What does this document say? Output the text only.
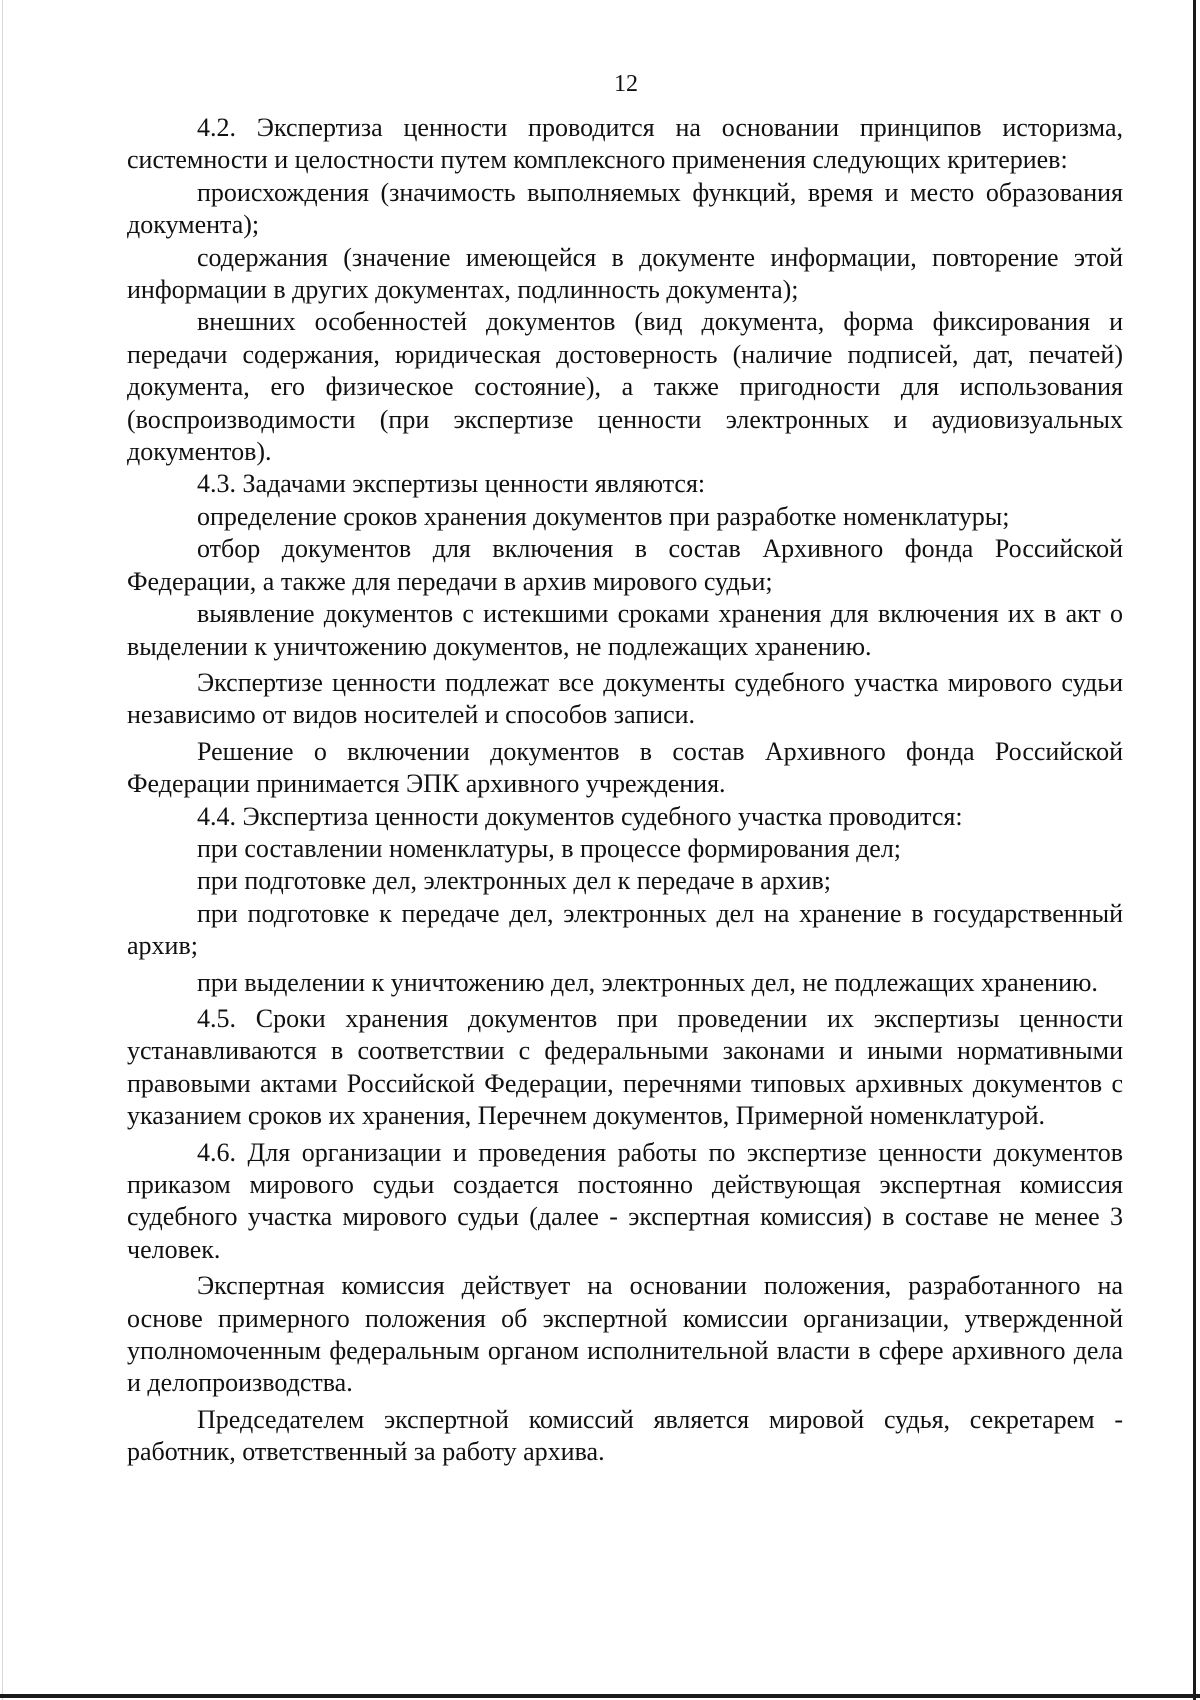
12

4.2. Экспертиза ценности проводится на основании принципов историзма, системности и целостности путем комплексного применения следующих критериев:

происхождения (значимость выполняемых функций, время и место образования документа);

содержания (значение имеющейся в документе информации, повторение этой информации в других документах, подлинность документа);

внешних особенностей документов (вид документа, форма фиксирования и передачи содержания, юридическая достоверность (наличие подписей, дат, печатей) документа, его физическое состояние), а также пригодности для использования (воспроизводимости (при экспертизе ценности электронных и аудиовизуальных документов).

4.3. Задачами экспертизы ценности являются:

определение сроков хранения документов при разработке номенклатуры;

отбор документов для включения в состав Архивного фонда Российской Федерации, а также для передачи в архив мирового судьи;

выявление документов с истекшими сроками хранения для включения их в акт о выделении к уничтожению документов, не подлежащих хранению.

Экспертизе ценности подлежат все документы судебного участка мирового судьи независимо от видов носителей и способов записи.

Решение о включении документов в состав Архивного фонда Российской Федерации принимается ЭПК архивного учреждения.

4.4. Экспертиза ценности документов судебного участка проводится:

при составлении номенклатуры, в процессе формирования дел;

при подготовке дел, электронных дел к передаче в архив;

при подготовке к передаче дел, электронных дел на хранение в государственный архив;

при выделении к уничтожению дел, электронных дел, не подлежащих хранению.

4.5. Сроки хранения документов при проведении их экспертизы ценности устанавливаются в соответствии с федеральными законами и иными нормативными правовыми актами Российской Федерации, перечнями типовых архивных документов с указанием сроков их хранения, Перечнем документов, Примерной номенклатурой.

4.6. Для организации и проведения работы по экспертизе ценности документов приказом мирового судьи создается постоянно действующая экспертная комиссия судебного участка мирового судьи (далее - экспертная комиссия) в составе не менее 3 человек.

Экспертная комиссия действует на основании положения, разработанного на основе примерного положения об экспертной комиссии организации, утвержденной уполномоченным федеральным органом исполнительной власти в сфере архивного дела и делопроизводства.

Председателем экспертной комиссий является мировой судья, секретарем - работник, ответственный за работу архива.
